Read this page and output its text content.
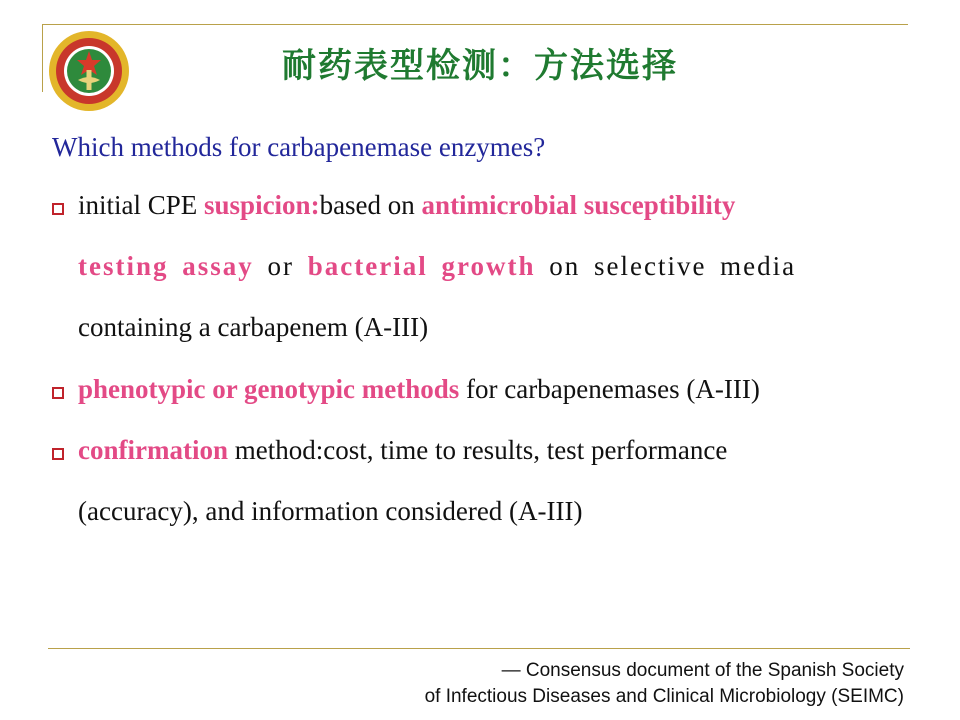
耐药表型检测：方法选择
Which methods for carbapenemase enzymes?
initial CPE suspicion:based on antimicrobial susceptibility
testing assay or bacterial growth on selective media
containing a carbapenem (A-III)
phenotypic or genotypic methods for carbapenemases (A-III)
confirmation method:cost, time to results, test performance
(accuracy), and information considered (A-III)
— Consensus document of the Spanish Society
of Infectious Diseases and Clinical Microbiology (SEIMC)
